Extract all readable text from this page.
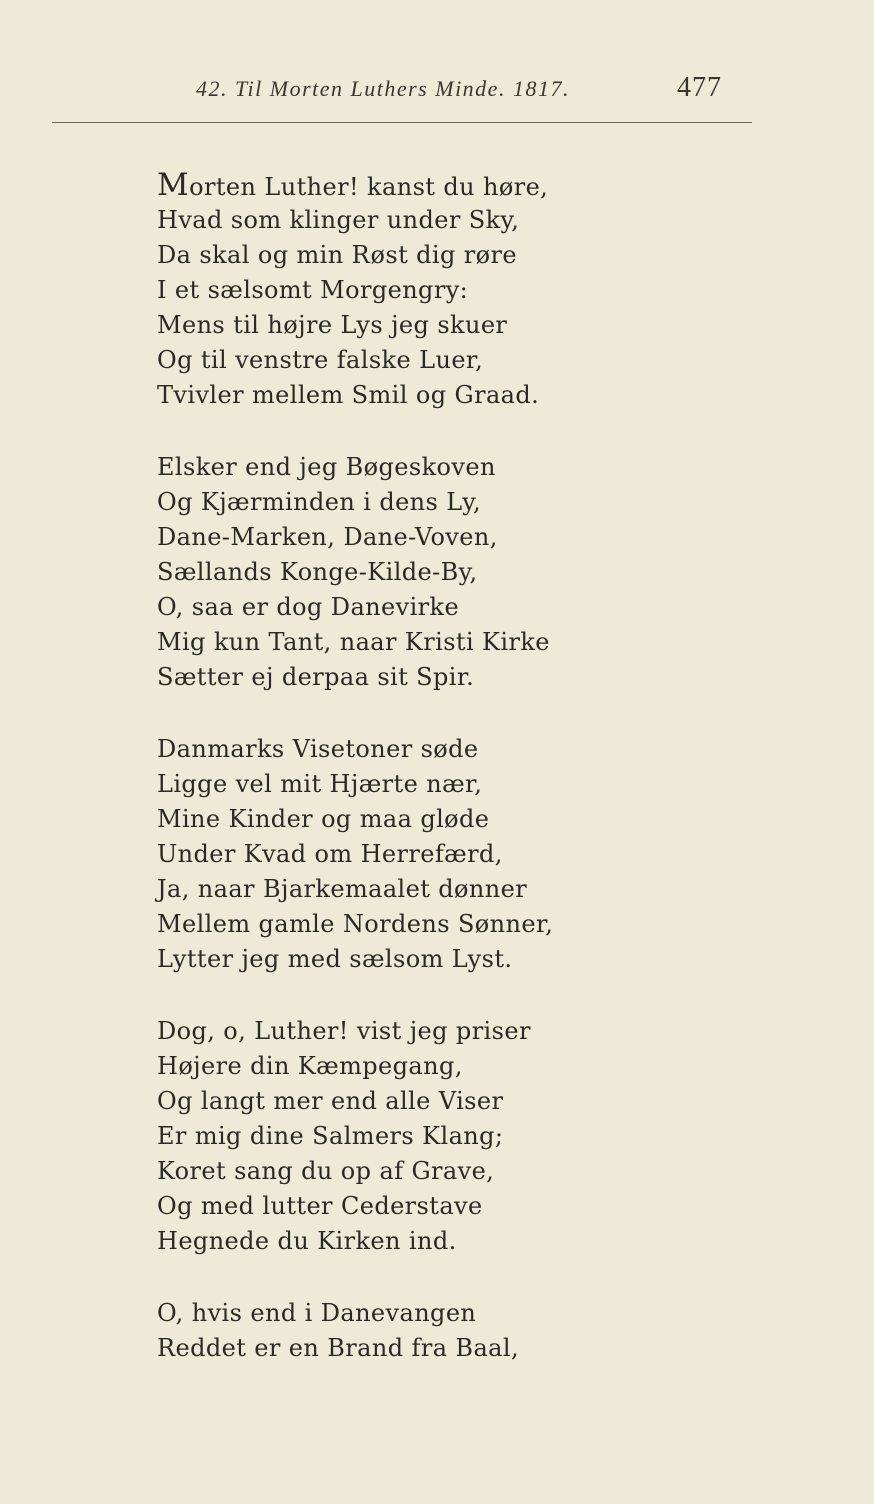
42. Til Morten Luthers Minde. 1817.	477
Morten Luther! kanst du høre,
Hvad som klinger under Sky,
Da skal og min Røst dig røre
I et sælsomt Morgengry:
Mens til højre Lys jeg skuer
Og til venstre falske Luer,
Tvivler mellem Smil og Graad.
Elsker end jeg Bøgeskoven
Og Kjærminden i dens Ly,
Dane-Marken, Dane-Voven,
Sællands Konge-Kilde-By,
O, saa er dog Danevirke
Mig kun Tant, naar Kristi Kirke
Sætter ej derpaa sit Spir.
Danmarks Visetoner søde
Ligge vel mit Hjærte nær,
Mine Kinder og maa gløde
Under Kvad om Herrefærd,
Ja, naar Bjarkemaalet dønner
Mellem gamle Nordens Sønner,
Lytter jeg med sælsom Lyst.
Dog, o, Luther! vist jeg priser
Højere din Kæmpegang,
Og langt mer end alle Viser
Er mig dine Salmers Klang;
Koret sang du op af Grave,
Og med lutter Cederstave
Hegnede du Kirken ind.
O, hvis end i Danevangen
Reddet er en Brand fra Baal,
